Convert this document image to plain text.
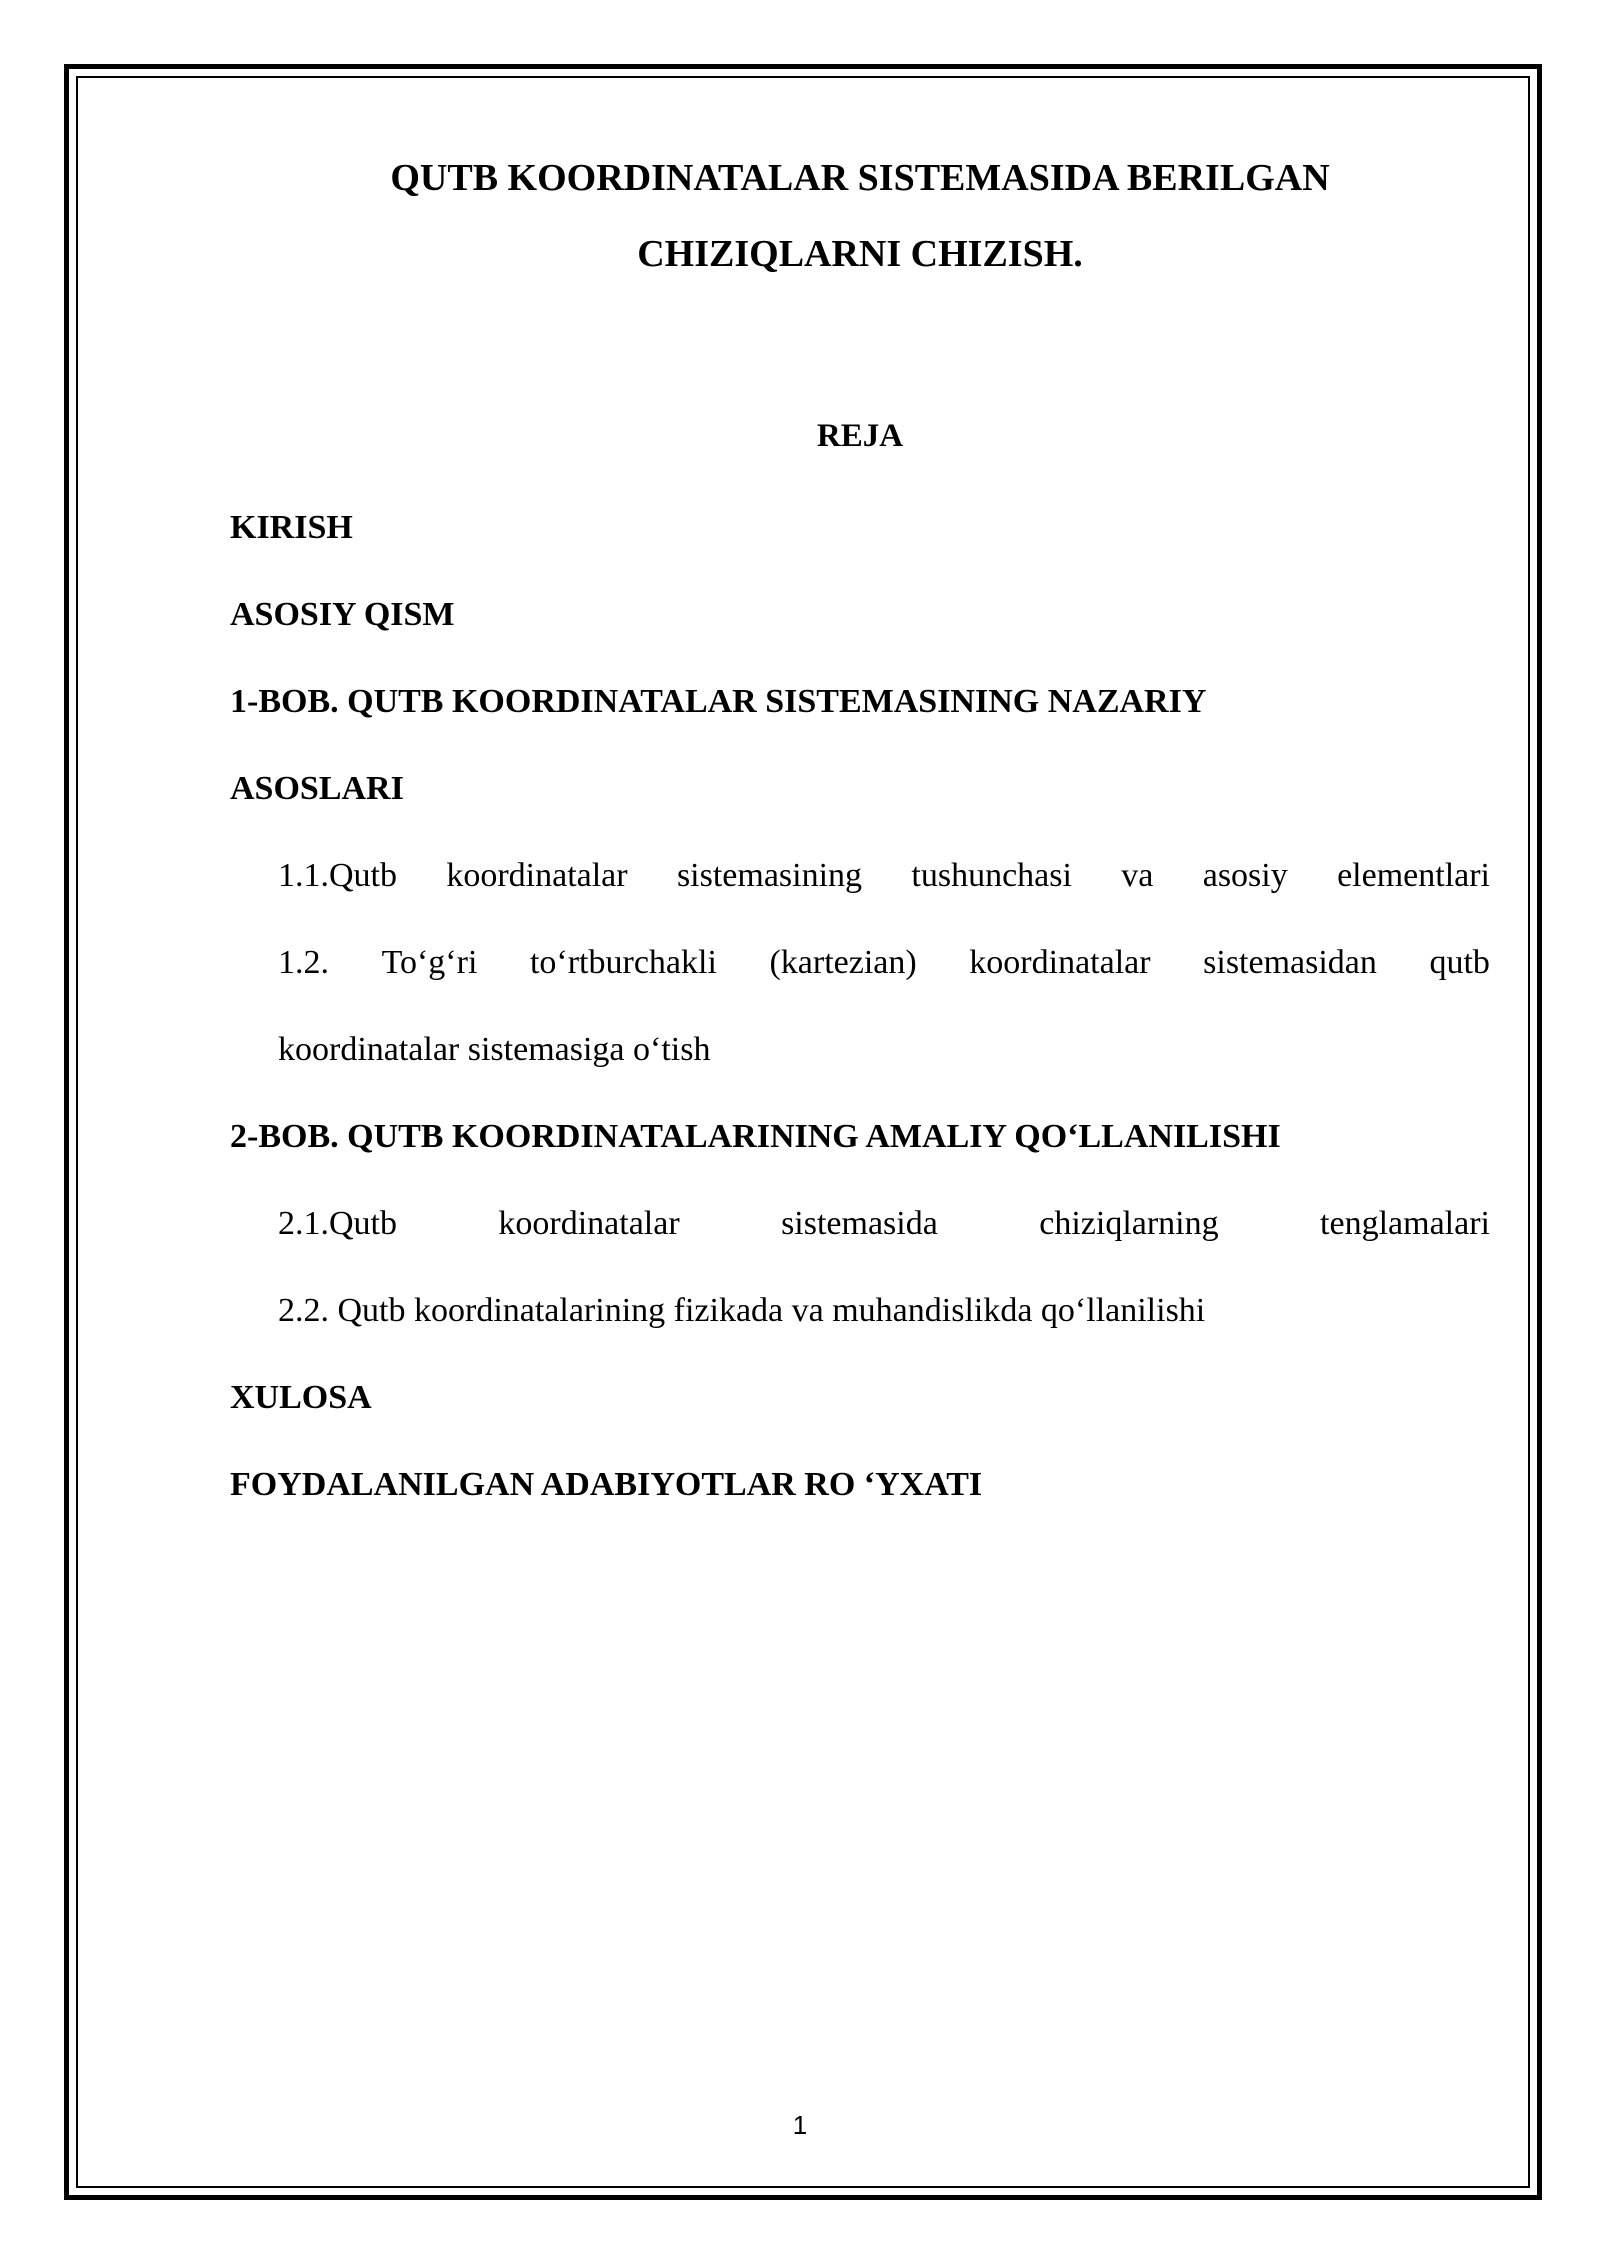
QUTB KOORDINATALAR SISTEMASIDA BERILGAN
CHIZIQLARNI CHIZISH.
REJA
KIRISH
ASOSIY QISM
1-BOB. QUTB KOORDINATALAR SISTEMASINING NAZARIY
ASOSLARI
1.1.Qutb koordinatalar sistemasining tushunchasi va asosiy elementlari
1.2. To‘g‘ri to‘rtburchakli (kartezian) koordinatalar sistemasidan qutb
koordinatalar sistemasiga o‘tish
2-BOB. QUTB KOORDINATALARINING AMALIY QO‘LLANILISHI
2.1.Qutb	koordinatalar	sistemasida	chiziqlarning	tenglamalari
2.2. Qutb koordinatalarining fizikada va muhandislikda qo‘llanilishi
XULOSA
FOYDALANILGAN ADABIYOTLAR RO ‘YXATI
1
